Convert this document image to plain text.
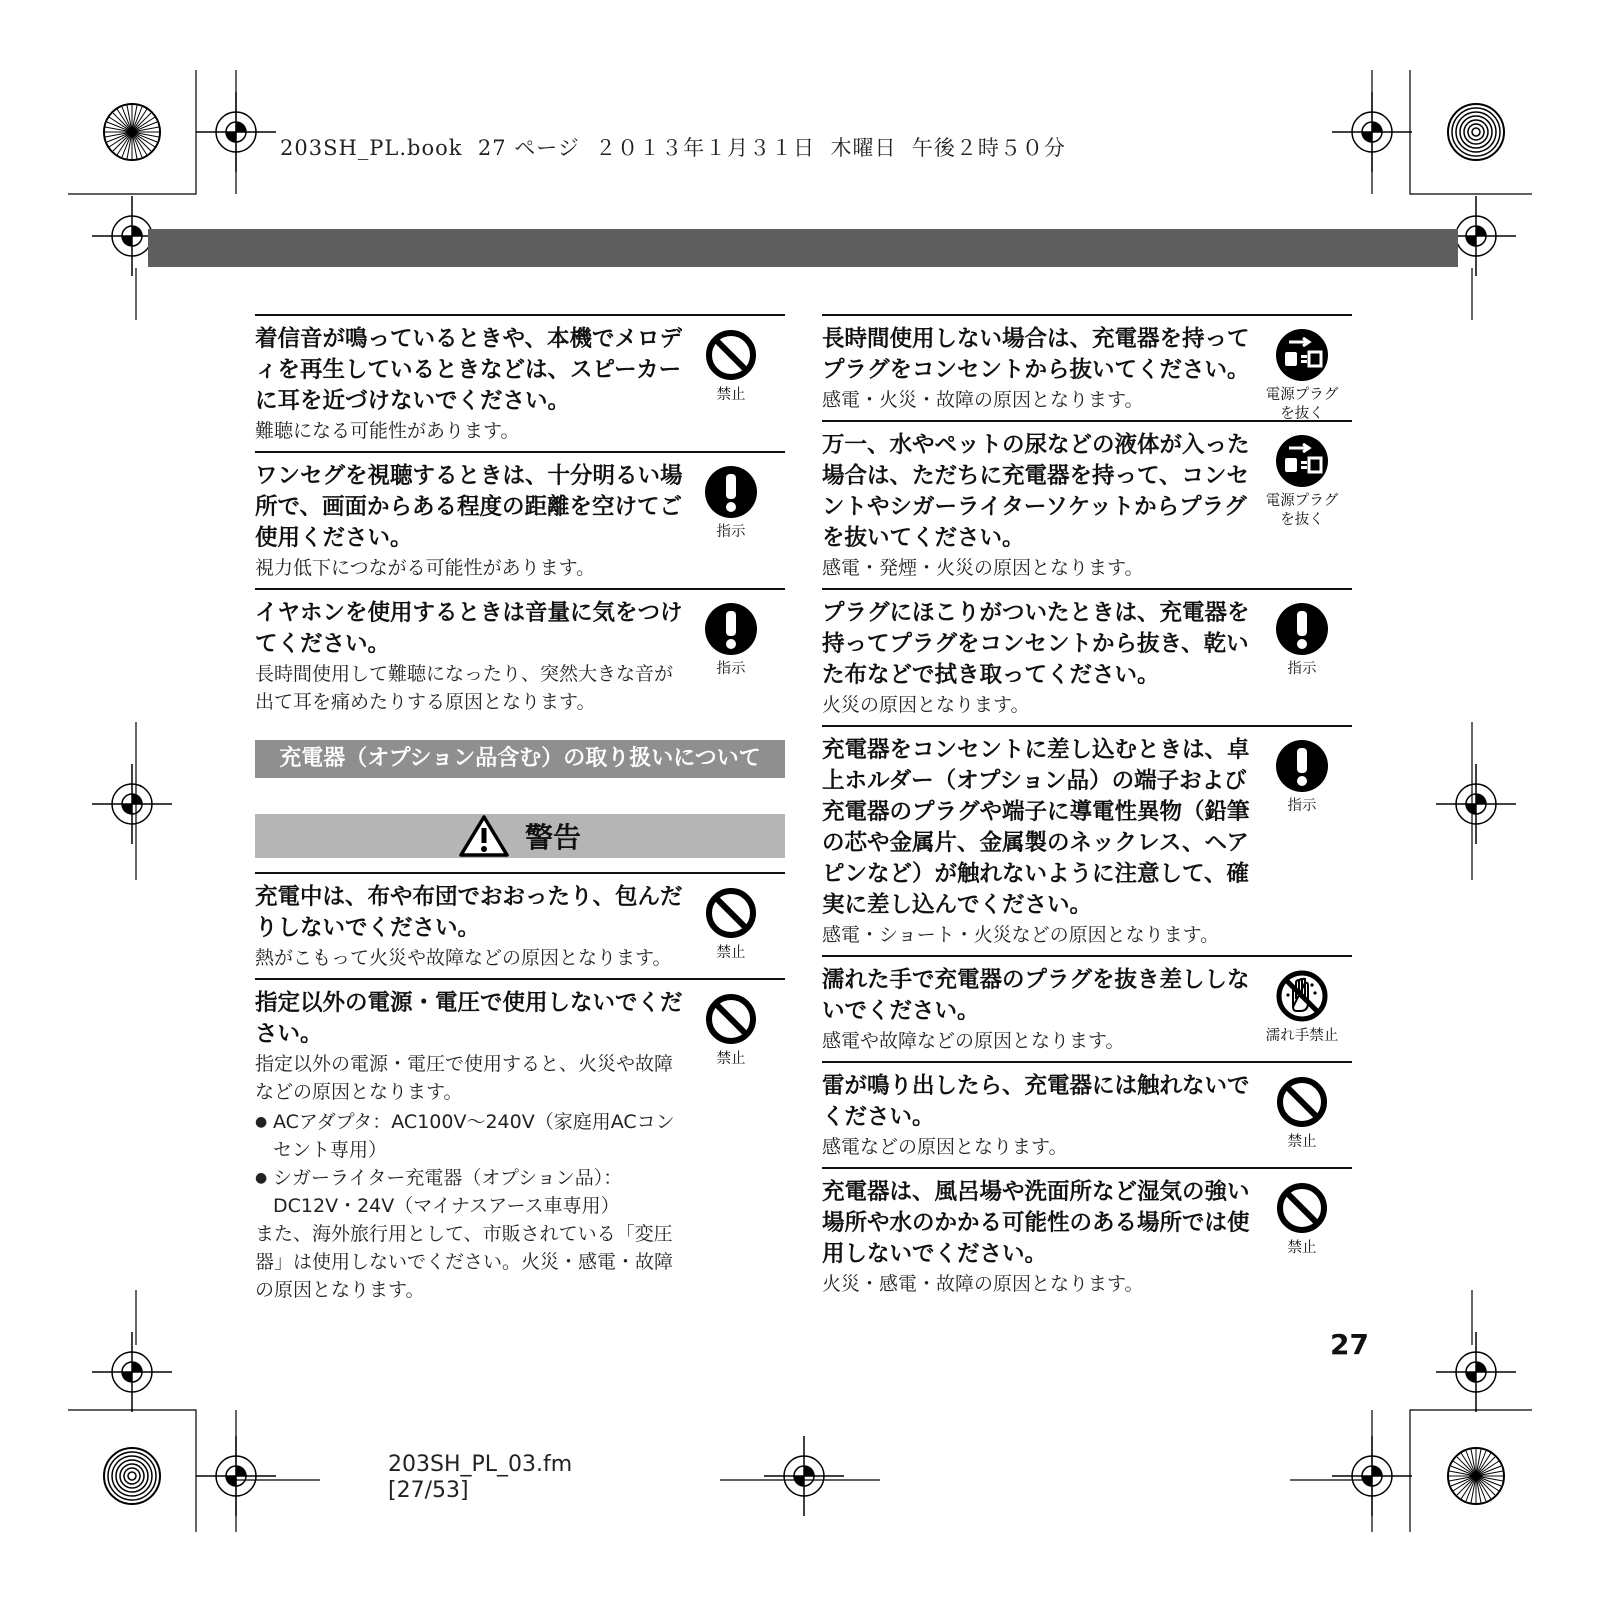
203SH_PL.book  27 ページ  ２０１３年１月３１日  木曜日  午後２時５０分
着信音が鳴っているときや、本機でメロディを再生しているときなどは、スピーカーに耳を近づけないでください。
難聴になる可能性があります。
禁止
ワンセグを視聴するときは、十分明るい場所で、画面からある程度の距離を空けてご使用ください。
視力低下につながる可能性があります。
指示
イヤホンを使用するときは音量に気をつけてください。
長時間使用して難聴になったり、突然大きな音が出て耳を痛めたりする原因となります。
指示
充電器（オプション品含む）の取り扱いについて
警告
充電中は、布や布団でおおったり、包んだりしないでください。
熱がこもって火災や故障などの原因となります。	禁止
指定以外の電源・電圧で使用しないでください。
指定以外の電源・電圧で使用すると、火災や故障などの原因となります。
● ACアダプタ：AC100V～240V（家庭用ACコンセント専用）
● シガーライター充電器（オプション品）：DC12V・24V（マイナスアース車専用）
また、海外旅行用として、市販されている「変圧器」は使用しないでください。火災・感電・故障の原因となります。
禁止
長時間使用しない場合は、充電器を持ってプラグをコンセントから抜いてください。
感電・火災・故障の原因となります。	電源プラグ
を抜く
万一、水やペットの尿などの液体が入った場合は、ただちに充電器を持って、コンセントやシガーライターソケットからプラグを抜いてください。
感電・発煙・火災の原因となります。
電源プラグ
を抜く
プラグにほこりがついたときは、充電器を持ってプラグをコンセントから抜き、乾いた布などで拭き取ってください。
火災の原因となります。
指示
充電器をコンセントに差し込むときは、卓上ホルダー（オプション品）の端子および充電器のプラグや端子に導電性異物（鉛筆の芯や金属片、金属製のネックレス、ヘアピンなど）が触れないように注意して、確実に差し込んでください。
感電・ショート・火災などの原因となります。
指示
濡れた手で充電器のプラグを抜き差ししないでください。
感電や故障などの原因となります。	濡れ手禁止
雷が鳴り出したら、充電器には触れないでください。
感電などの原因となります。	禁止
充電器は、風呂場や洗面所など湿気の強い場所や水のかかる可能性のある場所では使用しないでください。
火災・感電・故障の原因となります。
禁止
27
203SH_PL_03.fm
[27/53]
